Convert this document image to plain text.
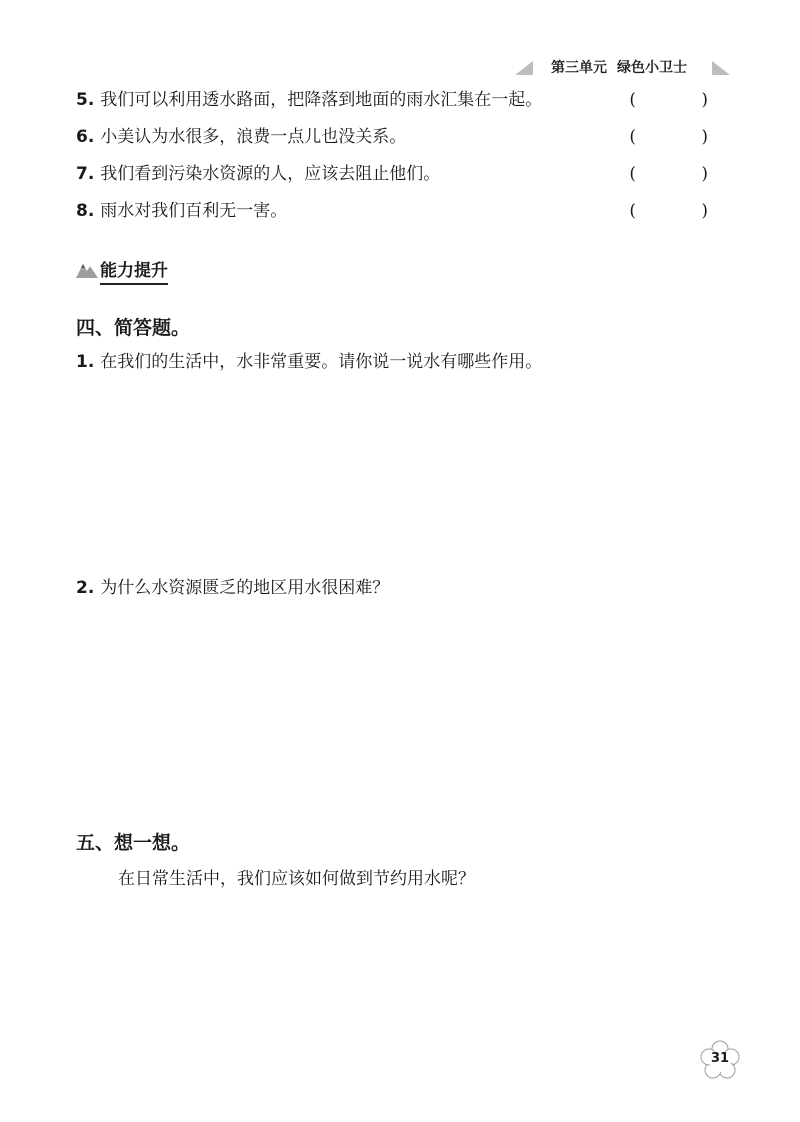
第三单元 绿色小卫士
5. 我们可以利用透水路面，把降落到地面的雨水汇集在一起。	( )
6. 小美认为水很多，浪费一点儿也没关系。	( )
7. 我们看到污染水资源的人，应该去阻止他们。	( )
8. 雨水对我们百利无一害。	( )
能力提升
四、简答题。
1. 在我们的生活中，水非常重要。请你说一说水有哪些作用。
2. 为什么水资源匮乏的地区用水很困难？
五、想一想。
在日常生活中，我们应该如何做到节约用水呢？
31
